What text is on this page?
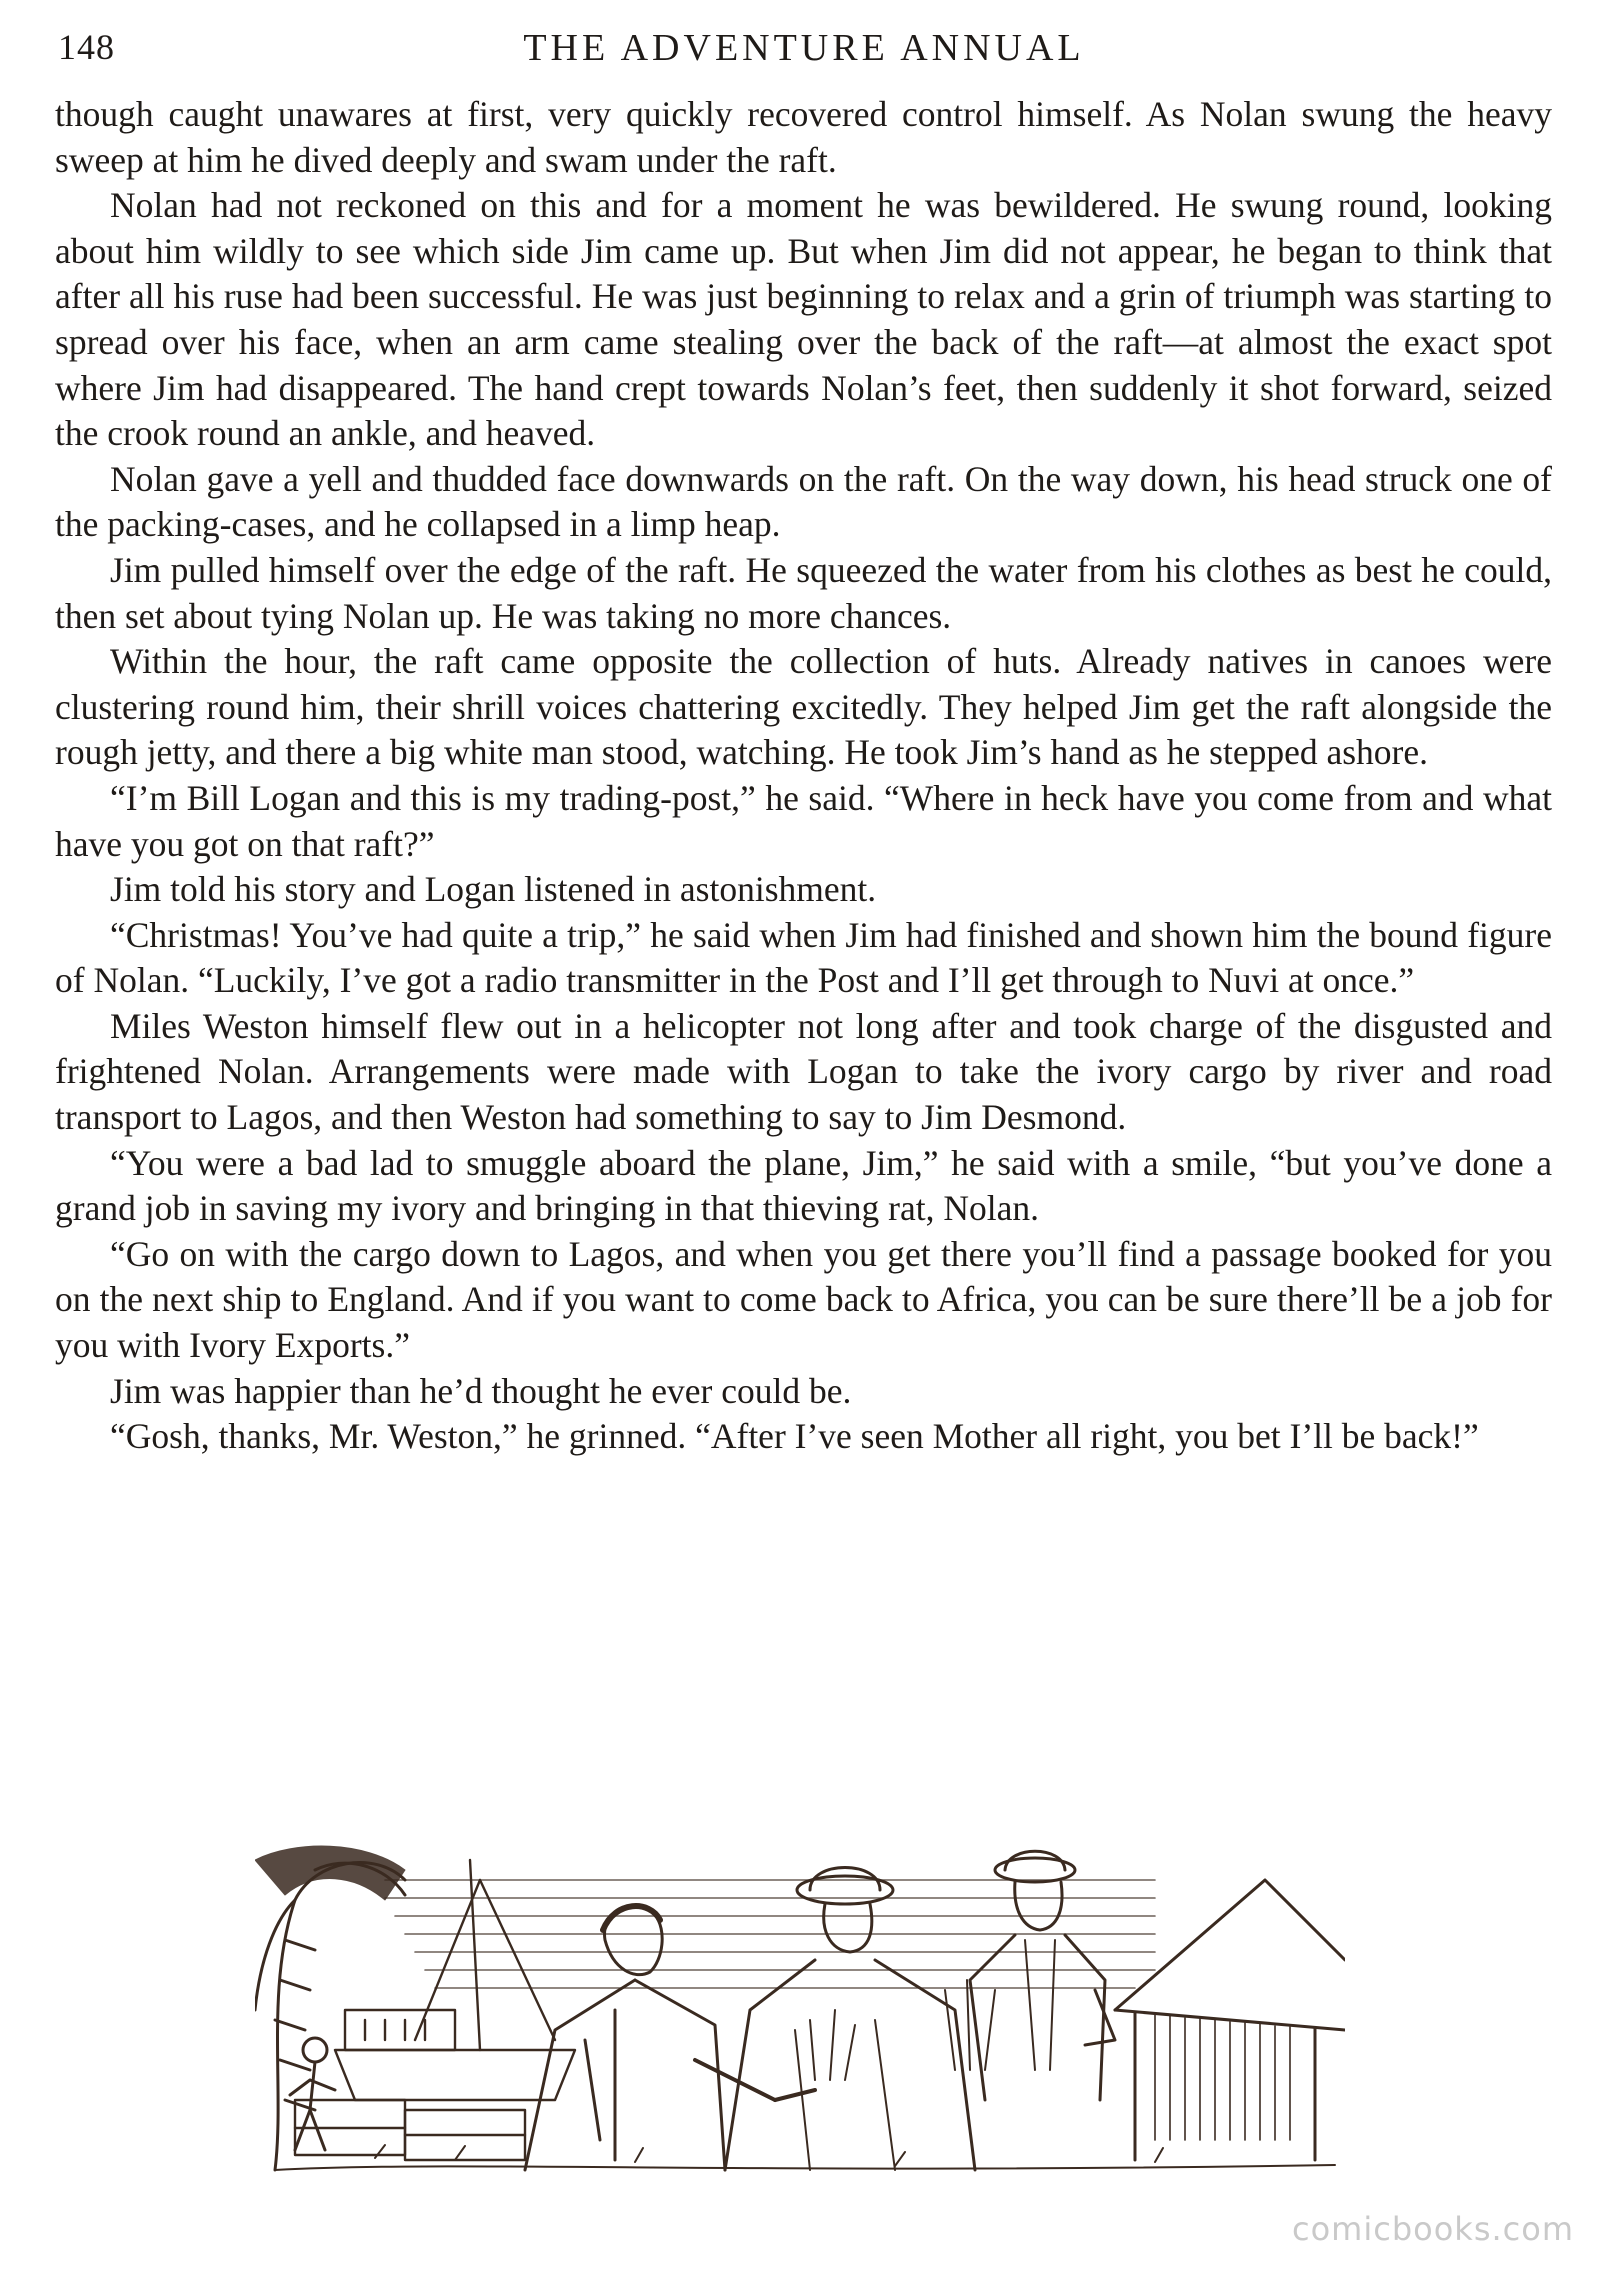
148	THE ADVENTURE ANNUAL

though caught unawares at first, very quickly recovered control himself. As Nolan swung the heavy sweep at him he dived deeply and swam under the raft.

Nolan had not reckoned on this and for a moment he was bewildered. He swung round, looking about him wildly to see which side Jim came up. But when Jim did not appear, he began to think that after all his ruse had been successful. He was just beginning to relax and a grin of triumph was starting to spread over his face, when an arm came stealing over the back of the raft—at almost the exact spot where Jim had disappeared. The hand crept towards Nolan’s feet, then suddenly it shot forward, seized the crook round an ankle, and heaved.

Nolan gave a yell and thudded face downwards on the raft. On the way down, his head struck one of the packing-cases, and he collapsed in a limp heap.

Jim pulled himself over the edge of the raft. He squeezed the water from his clothes as best he could, then set about tying Nolan up. He was taking no more chances.

Within the hour, the raft came opposite the collection of huts. Already natives in canoes were clustering round him, their shrill voices chattering excitedly. They helped Jim get the raft alongside the rough jetty, and there a big white man stood, watching. He took Jim’s hand as he stepped ashore.

“I’m Bill Logan and this is my trading-post,” he said. “Where in heck have you come from and what have you got on that raft?”

Jim told his story and Logan listened in astonishment.

“Christmas! You’ve had quite a trip,” he said when Jim had finished and shown him the bound figure of Nolan. “Luckily, I’ve got a radio transmitter in the Post and I’ll get through to Nuvi at once.”

Miles Weston himself flew out in a helicopter not long after and took charge of the disgusted and frightened Nolan. Arrangements were made with Logan to take the ivory cargo by river and road transport to Lagos, and then Weston had something to say to Jim Desmond.

“You were a bad lad to smuggle aboard the plane, Jim,” he said with a smile, “but you’ve done a grand job in saving my ivory and bringing in that thieving rat, Nolan.

“Go on with the cargo down to Lagos, and when you get there you’ll find a passage booked for you on the next ship to England. And if you want to come back to Africa, you can be sure there’ll be a job for you with Ivory Exports.”

Jim was happier than he’d thought he ever could be.

“Gosh, thanks, Mr. Weston,” he grinned. “After I’ve seen Mother all right, you bet I’ll be back!”

comicbooks.com
